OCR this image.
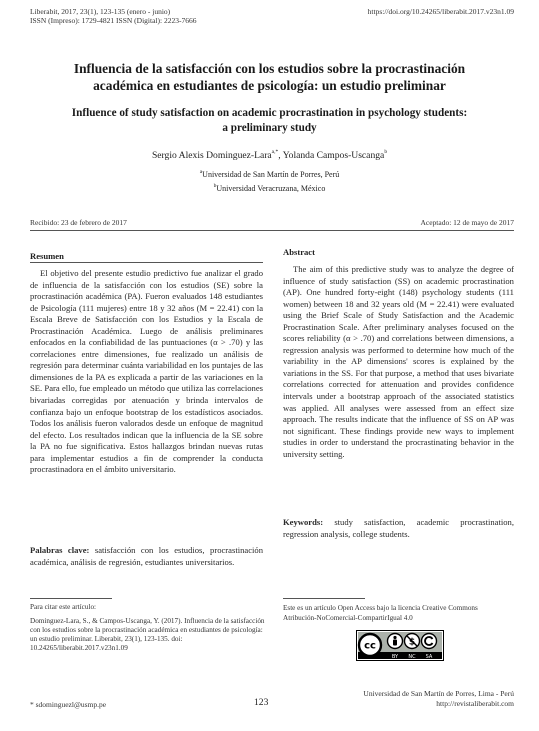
Liberabit, 2017, 23(1), 123-135 (enero - junio)
ISSN (Impreso): 1729-4821 ISSN (Digital): 2223-7666
https://doi.org/10.24265/liberabit.2017.v23n1.09
Influencia de la satisfacción con los estudios sobre la procrastinación
académica en estudiantes de psicología: un estudio preliminar
Influence of study satisfaction on academic procrastination in psychology students:
a preliminary study
Sergio Alexis Dominguez-Lara$^{a,*}$, Yolanda Campos-Uscanga$^b$
$^a$Universidad de San Martín de Porres, Perú
$^b$Universidad Veracruzana, México
Recibido: 23 de febrero de 2017	Aceptado: 12 de mayo de 2017
Resumen
El objetivo del presente estudio predictivo fue analizar el grado de influencia de la satisfacción con los estudios (SE) sobre la procrastinación académica (PA). Fueron evaluados 148 estudiantes de Psicología (111 mujeres) entre 18 y 32 años (M = 22.41) con la Escala Breve de Satisfacción con los Estudios y la Escala de Procrastinación Académica. Luego de análisis preliminares enfocados en la confiabilidad de las puntuaciones (α > .70) y las correlaciones entre dimensiones, fue realizado un análisis de regresión para determinar cuánta variabilidad en los puntajes de las dimensiones de la PA es explicada a partir de las variaciones en la SE. Para ello, fue empleado un método que utiliza las correlaciones bivariadas corregidas por atenuación y brinda intervalos de confianza bajo un enfoque bootstrap de los estadísticos asociados. Todos los análisis fueron valorados desde un enfoque de magnitud del efecto. Los resultados indican que la influencia de la SE sobre la PA no fue significativa. Estos hallazgos brindan nuevas rutas para implementar estudios a fin de comprender la conducta procrastinadora en el ámbito universitario.
Palabras clave: satisfacción con los estudios, procrastinación académica, análisis de regresión, estudiantes universitarios.
Abstract
The aim of this predictive study was to analyze the degree of influence of study satisfaction (SS) on academic procrastination (AP). One hundred forty-eight (148) psychology students (111 women) between 18 and 32 years old (M = 22.41) were evaluated using the Brief Scale of Study Satisfaction and the Academic Procrastination Scale. After preliminary analyses focused on the scores reliability (α > .70) and correlations between dimensions, a regression analysis was performed to determine how much of the variability in the AP dimensions' scores is explained by the variations in the SS. For that purpose, a method that uses bivariate correlations corrected for attenuation and provides confidence intervals under a bootstrap approach of the associated statistics was applied. All analyses were assessed from an effect size approach. The results indicate that the influence of SS on AP was not significant. These findings provide new ways to implement studies in order to understand the procrastinating behavior in the university setting.
Keywords: study satisfaction, academic procrastination, regression analysis, college students.
Para citar este artículo:
Dominguez-Lara, S., & Campos-Uscanga, Y. (2017). Influencia de la satisfacción con los estudios sobre la procrastinación académica en estudiantes de psicología: un estudio preliminar. Liberabit, 23(1), 123-135. doi: 10.24265/liberabit.2017.v23n1.09
Este es un artículo Open Access bajo la licencia Creative Commons
Atribución-NoComercial-CompartirIgual 4.0
cc	$
BY NC SA
* sdominguezl@usmp.pe	123
Universidad de San Martín de Porres, Lima - Perú
http://revistaliberabit.com
